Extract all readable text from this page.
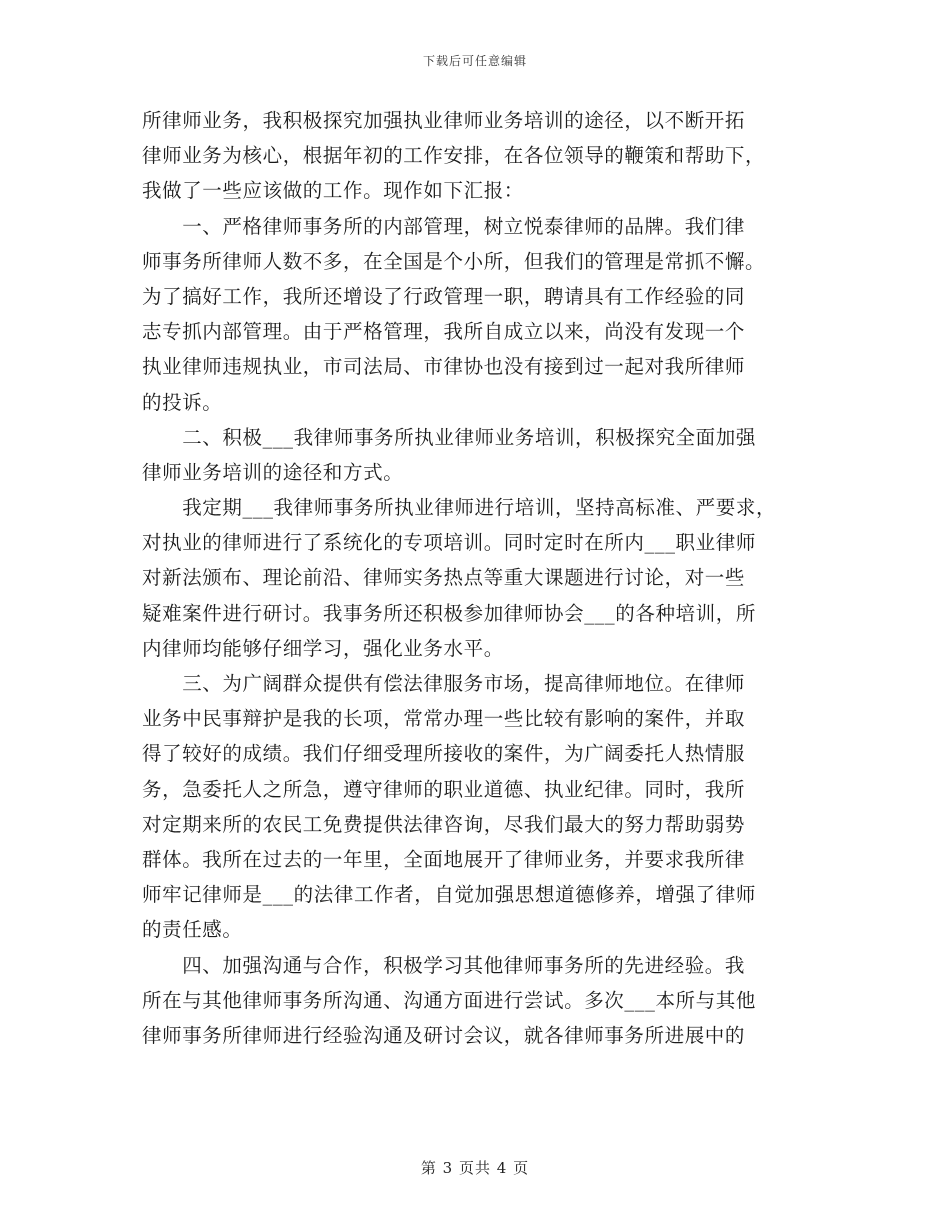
下载后可任意编辑
所律师业务，我积极探究加强执业律师业务培训的途径，以不断开拓
律师业务为核心，根据年初的工作安排，在各位领导的鞭策和帮助下，
我做了一些应该做的工作。现作如下汇报：
　　一、严格律师事务所的内部管理，树立悦泰律师的品牌。我们律
师事务所律师人数不多，在全国是个小所，但我们的管理是常抓不懈。
为了搞好工作，我所还增设了行政管理一职，聘请具有工作经验的同
志专抓内部管理。由于严格管理，我所自成立以来，尚没有发现一个
执业律师违规执业，市司法局、市律协也没有接到过一起对我所律师
的投诉。
　　二、积极___我律师事务所执业律师业务培训，积极探究全面加强
律师业务培训的途径和方式。
　　我定期___我律师事务所执业律师进行培训，坚持高标准、严要求，
对执业的律师进行了系统化的专项培训。同时定时在所内___职业律师
对新法颁布、理论前沿、律师实务热点等重大课题进行讨论，对一些
疑难案件进行研讨。我事务所还积极参加律师协会___的各种培训，所
内律师均能够仔细学习，强化业务水平。
　　三、为广阔群众提供有偿法律服务市场，提高律师地位。在律师
业务中民事辩护是我的长项，常常办理一些比较有影响的案件，并取
得了较好的成绩。我们仔细受理所接收的案件，为广阔委托人热情服
务，急委托人之所急，遵守律师的职业道德、执业纪律。同时，我所
对定期来所的农民工免费提供法律咨询，尽我们最大的努力帮助弱势
群体。我所在过去的一年里，全面地展开了律师业务，并要求我所律
师牢记律师是___的法律工作者，自觉加强思想道德修养，增强了律师
的责任感。
　　四、加强沟通与合作，积极学习其他律师事务所的先进经验。我
所在与其他律师事务所沟通、沟通方面进行尝试。多次___本所与其他
律师事务所律师进行经验沟通及研讨会议，就各律师事务所进展中的
第 3 页共 4 页
